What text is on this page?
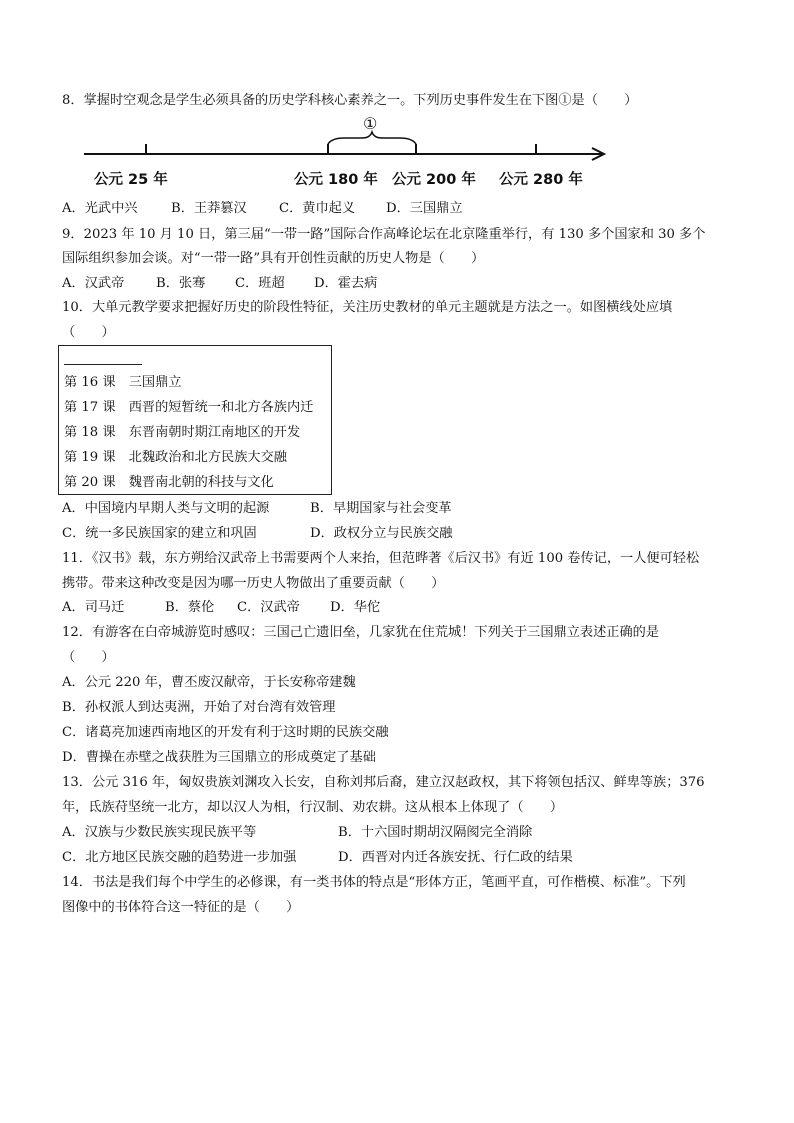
8．掌握时空观念是学生必须具备的历史学科核心素养之一。下列历史事件发生在下图①是（　　）
①
公元 25 年	公元 180 年 公元 200 年 公元 280 年
A．光武中兴	B．王莽篡汉 C．黄巾起义 D．三国鼎立
9．2023 年 10 月 10 日，第三届“一带一路”国际合作高峰论坛在北京隆重举行，有 130 多个国家和 30 多个
国际组织参加会谈。对“一带一路”具有开创性贡献的历史人物是（　　）
A．汉武帝 B．张骞 C．班超 D．霍去病
10．大单元教学要求把握好历史的阶段性特征，关注历史教材的单元主题就是方法之一。如图横线处应填
（　　）
第 16 课　三国鼎立
第 17 课　西晋的短暂统一和北方各族内迁
第 18 课　东晋南朝时期江南地区的开发
第 19 课　北魏政治和北方民族大交融
第 20 课　魏晋南北朝的科技与文化
A．中国境内早期人类与文明的起源	B．早期国家与社会变革
C．统一多民族国家的建立和巩固	D．政权分立与民族交融
11．《汉书》载，东方朔给汉武帝上书需要两个人来抬，但范晔著《后汉书》有近 100 卷传记，一人便可轻松
携带。带来这种改变是因为哪一历史人物做出了重要贡献（　　）
A．司马迁	B．蔡伦 C．汉武帝 D．华佗
12．有游客在白帝城游览时感叹：三国己亡遗旧垒，几家犹在住荒城！下列关于三国鼎立表述正确的是
（　　）
A．公元 220 年，曹丕废汉献帝，于长安称帝建魏
B．孙权派人到达夷洲，开始了对台湾有效管理
C．诸葛亮加速西南地区的开发有利于这时期的民族交融
D．曹操在赤壁之战获胜为三国鼎立的形成奠定了基础
13．公元 316 年，匈奴贵族刘渊攻入长安，自称刘邦后裔，建立汉赵政权，其下将领包括汉、鲜卑等族；376
年，氐族苻坚统一北方，却以汉人为相，行汉制、劝农耕。这从根本上体现了（　　）
A．汉族与少数民族实现民族平等	B．十六国时期胡汉隔阂完全消除
C．北方地区民族交融的趋势进一步加强	D．西晋对内迁各族安抚、行仁政的结果
14．书法是我们每个中学生的必修课，有一类书体的特点是“形体方正，笔画平直，可作楷模、标准”。下列
图像中的书体符合这一特征的是（　　）
